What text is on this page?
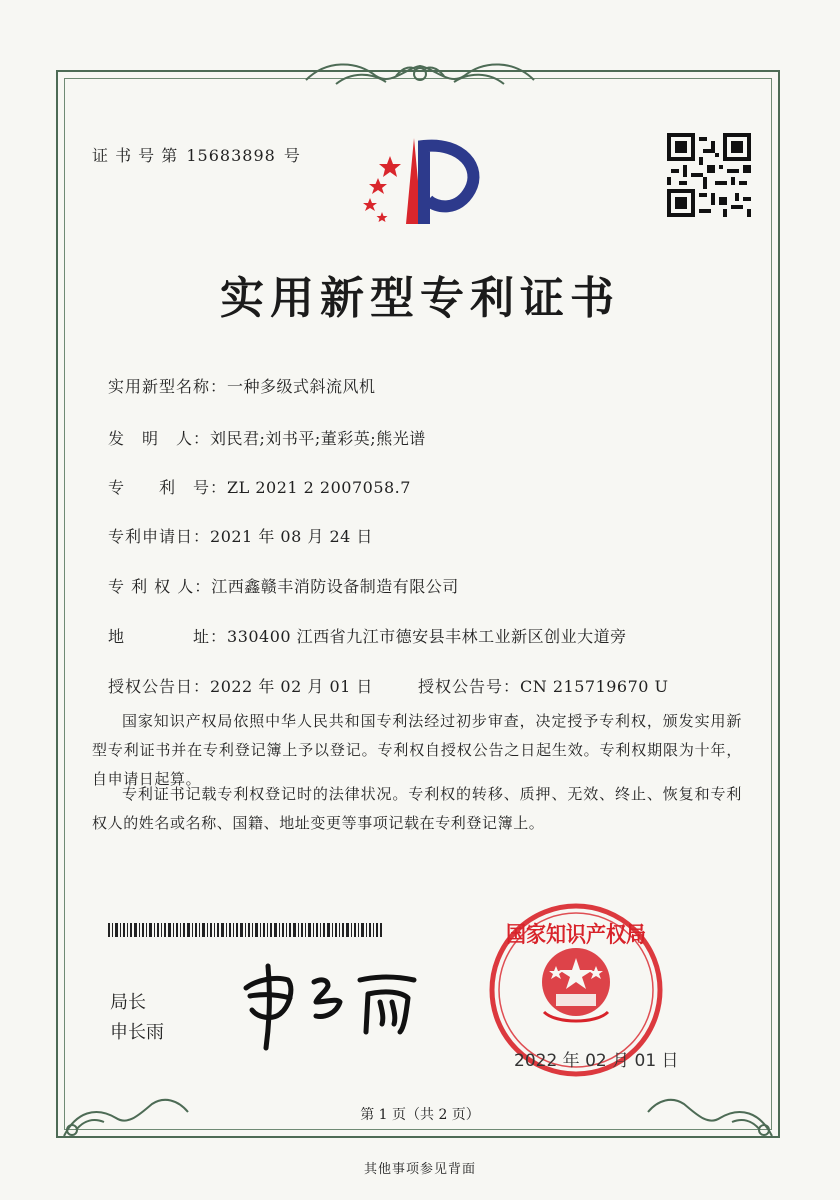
证 书 号 第 15683898 号
实用新型专利证书
实用新型名称： 一种多级式斜流风机
发　明　人： 刘民君;刘书平;董彩英;熊光谱
专　　利　号： ZL 2021 2 2007058.7
专利申请日： 2021 年 08 月 24 日
专 利 权 人： 江西鑫赣丰消防设备制造有限公司
地　　　　址： 330400 江西省九江市德安县丰林工业新区创业大道旁
授权公告日： 2022 年 02 月 01 日	授权公告号： CN 215719670 U
国家知识产权局依照中华人民共和国专利法经过初步审查，决定授予专利权，颁发实用新型专利证书并在专利登记簿上予以登记。专利权自授权公告之日起生效。专利权期限为十年，自申请日起算。
专利证书记载专利权登记时的法律状况。专利权的转移、质押、无效、终止、恢复和专利权人的姓名或名称、国籍、地址变更等事项记载在专利登记簿上。
局长
申长雨
国家知识产权局
2022 年 02 月 01 日
第 1 页（共 2 页）
其他事项参见背面
